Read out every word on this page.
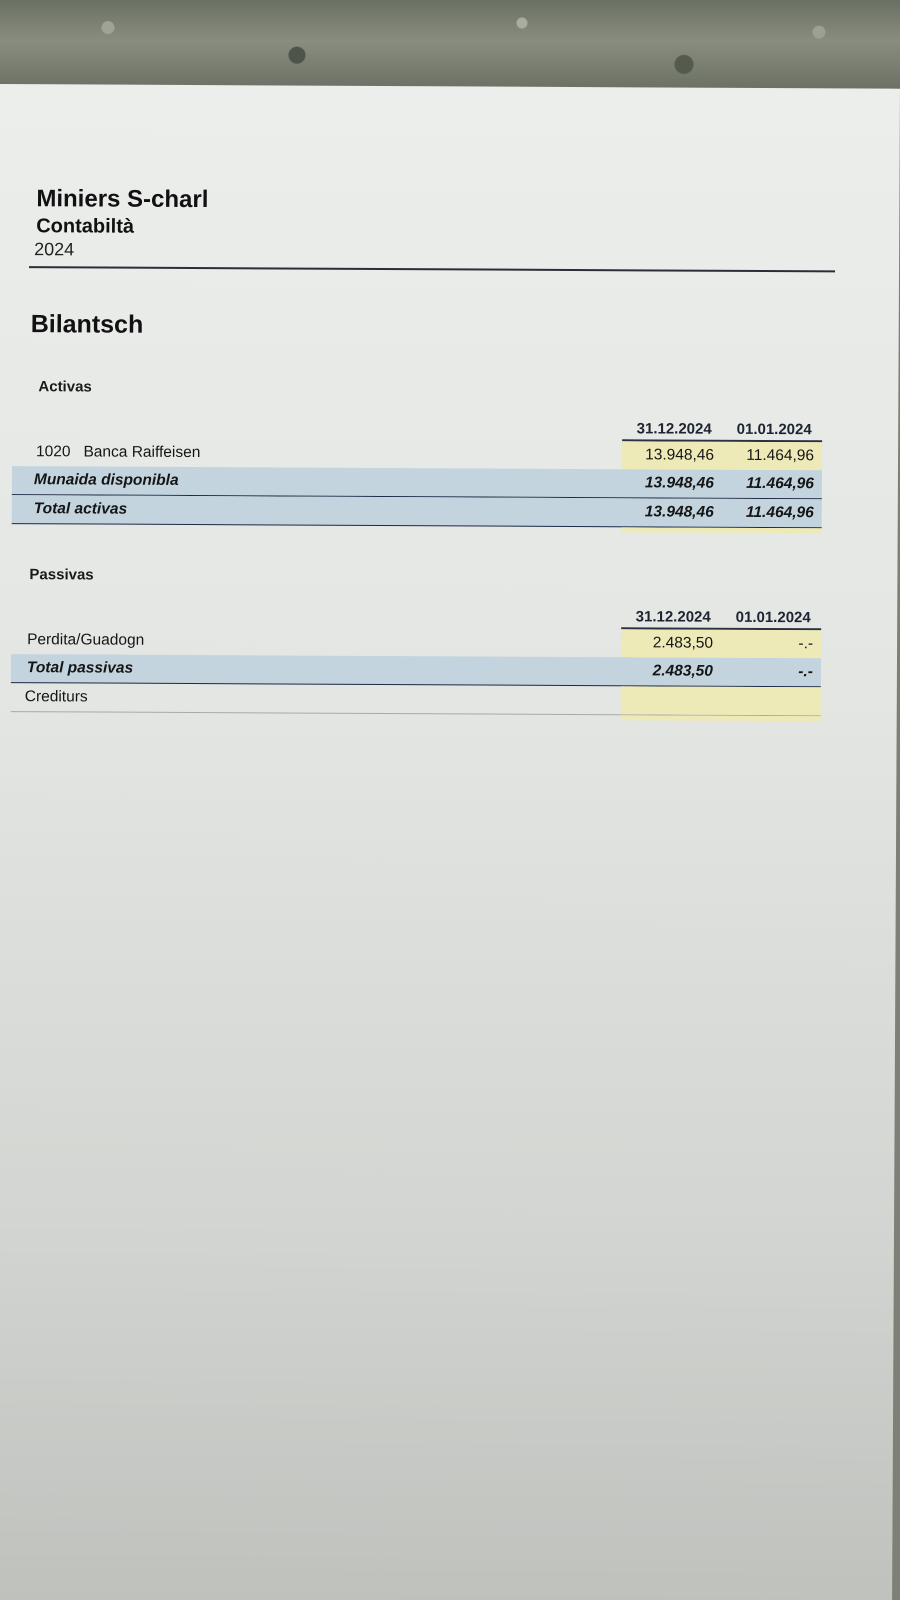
Miniers S-charl
Contabiltà
2024
Bilantsch
Activas
31.12.2024	01.01.2024
1020   Banca Raiffeisen	13.948,46	11.464,96
Munaida disponibla	13.948,46	11.464,96
Total activas	13.948,46	11.464,96
Passivas
31.12.2024	01.01.2024
Perdita/Guadogn	2.483,50	-.-
Total passivas	2.483,50	-.-
Crediturs
